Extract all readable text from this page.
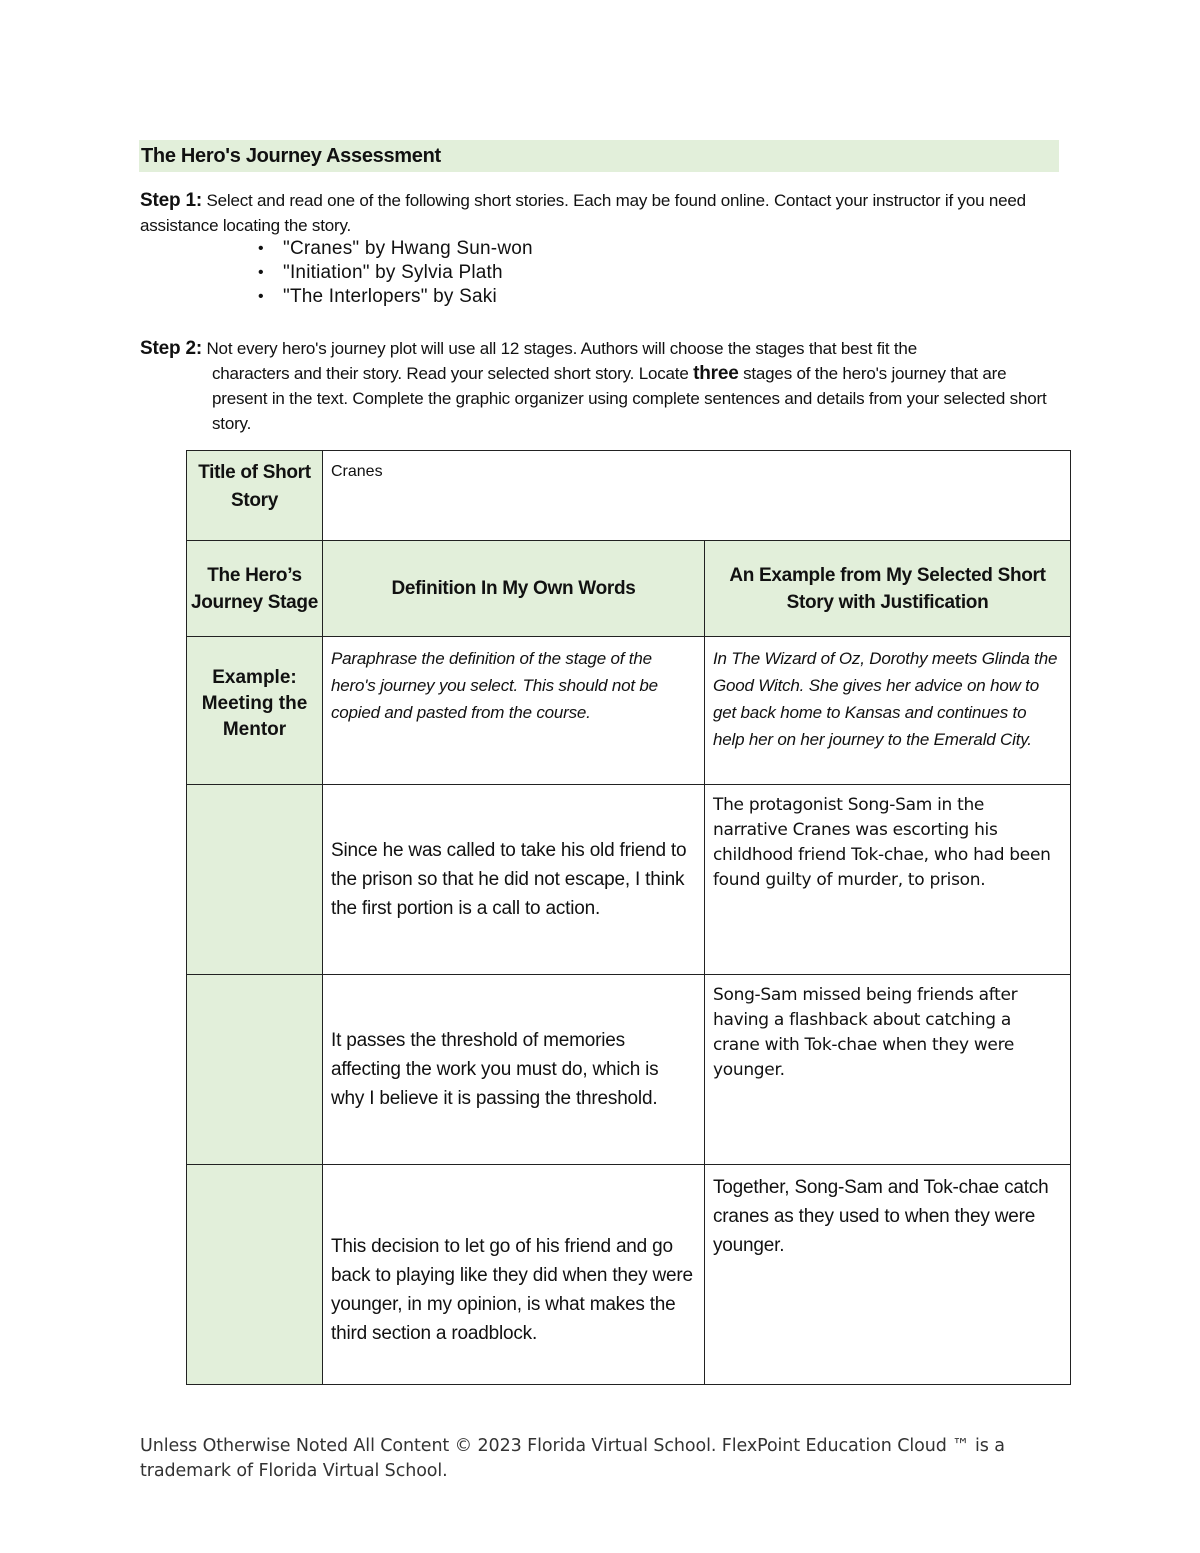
The Hero's Journey Assessment
Step 1: Select and read one of the following short stories. Each may be found online. Contact your instructor if you need assistance locating the story.
• "Cranes" by Hwang Sun-won
• "Initiation" by Sylvia Plath
• "The Interlopers" by Saki
Step 2: Not every hero's journey plot will use all 12 stages. Authors will choose the stages that best fit the
characters and their story. Read your selected short story. Locate three stages of the hero's journey that are present in the text. Complete the graphic organizer using complete sentences and details from your selected short story.
Title of Short Story	Cranes	
The Hero’s Journey Stage	Definition In My Own Words	An Example from My Selected Short Story with Justification
Example: Meeting the Mentor	Paraphrase the definition of the stage of the hero's journey you select. This should not be copied and pasted from the course.	In The Wizard of Oz, Dorothy meets Glinda the Good Witch. She gives her advice on how to get back home to Kansas and continues to help her on her journey to the Emerald City.
	Since he was called to take his old friend to the prison so that he did not escape, I think the first portion is a call to action.	The protagonist Song-Sam in the narrative Cranes was escorting his childhood friend Tok-chae, who had been found guilty of murder, to prison.
	It passes the threshold of memories affecting the work you must do, which is why I believe it is passing the threshold.	Song-Sam missed being friends after having a flashback about catching a crane with Tok-chae when they were younger.
	This decision to let go of his friend and go back to playing like they did when they were younger, in my opinion, is what makes the third section a roadblock.	Together, Song-Sam and Tok-chae catch cranes as they used to when they were younger.
Unless Otherwise Noted All Content © 2023 Florida Virtual School. FlexPoint Education Cloud ™ is a trademark of Florida Virtual School.
